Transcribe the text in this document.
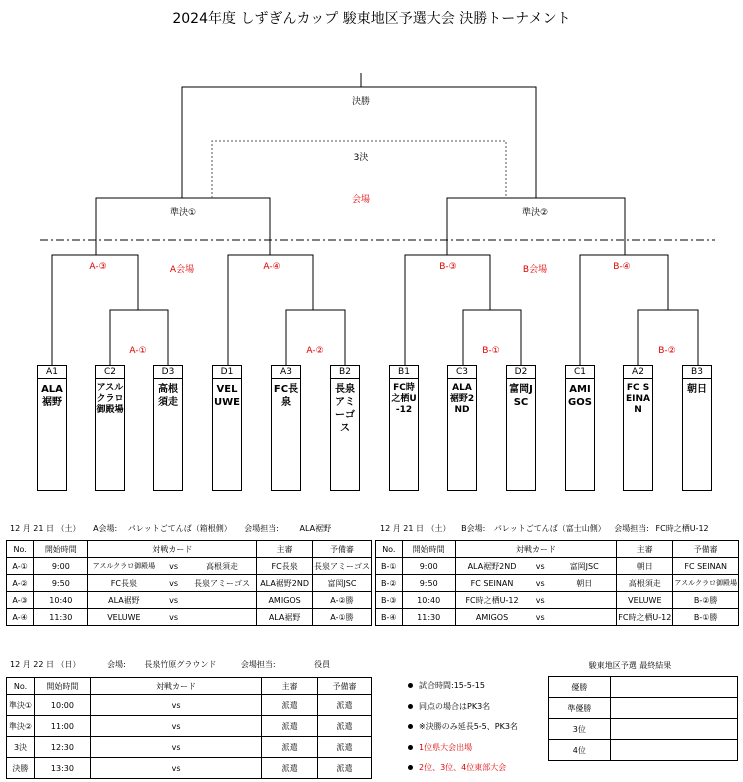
2024年度 しずぎんカップ 駿東地区予選大会 決勝トーナメント
決勝
3決
会場
準決①	準決②
A-③	A会場	A-④
A-①	A-②
B-③	B会場	B-④
B-①	B-②
A1
ALA裾野
C2
アスルクラロ御殿場
D3
高根須走
D1
VELUWE
A3
FC長泉
B2
長泉アミーゴス
B1
FC時之栖U-12
C3
ALA裾野2ND
D2
富岡JSC
C1
AMIGOS
A2
FC SEINAN
B3
朝日
12 月 21 日 （土） A会場: パレットごてんば（箱根側） 会場担当:	ALA裾野	12 月 21 日 （土） B会場: パレットごてんば（富士山側） 会場担当: FC時之栖U-12
No.	開始時間	対戦カード			主審	予備審
A-①	9:00	アスルクラロ御殿場	vs	高根須走	FC長泉	長泉アミーゴス
A-②	9:50	FC長泉	vs	長泉アミーゴス	ALA裾野2ND	富岡JSC
A-③	10:40	ALA裾野	vs		AMIGOS	A-②勝
A-④	11:30	VELUWE	vs		ALA裾野	A-①勝
No.	開始時間	対戦カード			主審	予備審
B-①	9:00	ALA裾野2ND	vs	富岡JSC	朝日	FC SEINAN
B-②	9:50	FC SEINAN	vs	朝日	高根須走	アスルクラロ御殿場
B-③	10:40	FC時之栖U-12	vs		VELUWE	B-②勝
B-④	11:30	AMIGOS	vs		FC時之栖U-12	B-①勝
12 月 22 日 （日）	会場: 長泉竹原グラウンド	会場担当:	役員
No.	開始時間	対戦カード	主審	予備審
準決①	10:00	vs	派遣	派遣
準決②	11:00	vs	派遣	派遣
3決	12:30	vs	派遣	派遣
決勝	13:30	vs	派遣	派遣
試合時間:15-5-15
同点の場合はPK3名
※決勝のみ延長5-5、PK3名
1位県大会出場
2位、3位、4位東部大会
駿東地区予選 最終結果
優勝	
準優勝	
3位	
4位	
